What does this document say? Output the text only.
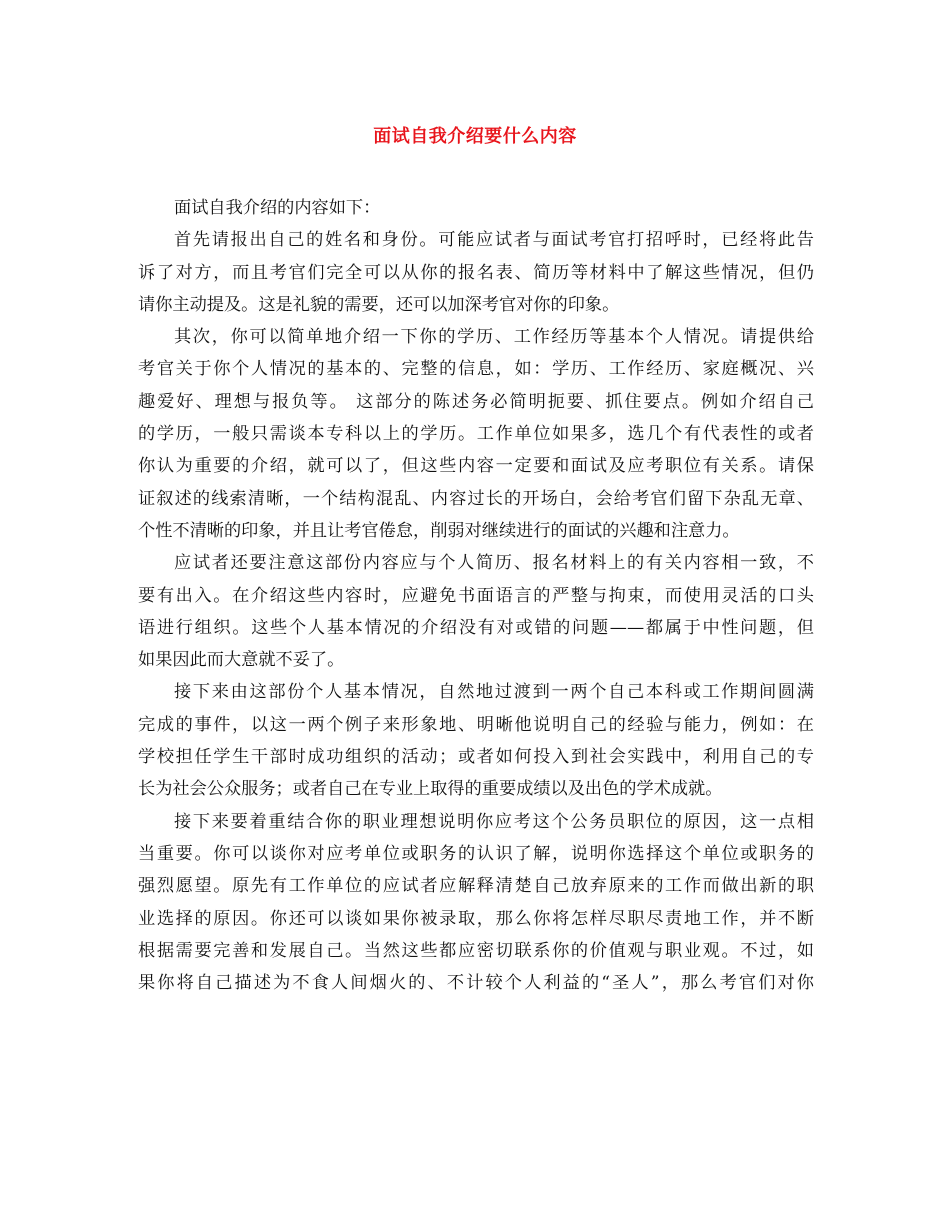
面试自我介绍要什么内容
面试自我介绍的内容如下：
首先请报出自己的姓名和身份。可能应试者与面试考官打招呼时，已经将此告
诉了对方，而且考官们完全可以从你的报名表、简历等材料中了解这些情况，但仍
请你主动提及。这是礼貌的需要，还可以加深考官对你的印象。
其次，你可以简单地介绍一下你的学历、工作经历等基本个人情况。请提供给
考官关于你个人情况的基本的、完整的信息，如：学历、工作经历、家庭概况、兴
趣爱好、理想与报负等。 这部分的陈述务必简明扼要、抓住要点。例如介绍自己
的学历，一般只需谈本专科以上的学历。工作单位如果多，选几个有代表性的或者
你认为重要的介绍，就可以了，但这些内容一定要和面试及应考职位有关系。请保
证叙述的线索清晰，一个结构混乱、内容过长的开场白，会给考官们留下杂乱无章、
个性不清晰的印象，并且让考官倦怠，削弱对继续进行的面试的兴趣和注意力。
应试者还要注意这部份内容应与个人简历、报名材料上的有关内容相一致，不
要有出入。在介绍这些内容时，应避免书面语言的严整与拘束，而使用灵活的口头
语进行组织。这些个人基本情况的介绍没有对或错的问题——都属于中性问题，但
如果因此而大意就不妥了。
接下来由这部份个人基本情况，自然地过渡到一两个自己本科或工作期间圆满
完成的事件，以这一两个例子来形象地、明晰他说明自己的经验与能力，例如：在
学校担任学生干部时成功组织的活动；或者如何投入到社会实践中，利用自己的专
长为社会公众服务；或者自己在专业上取得的重要成绩以及出色的学术成就。
接下来要着重结合你的职业理想说明你应考这个公务员职位的原因，这一点相
当重要。你可以谈你对应考单位或职务的认识了解，说明你选择这个单位或职务的
强烈愿望。原先有工作单位的应试者应解释清楚自己放弃原来的工作而做出新的职
业选择的原因。你还可以谈如果你被录取，那么你将怎样尽职尽责地工作，并不断
根据需要完善和发展自己。当然这些都应密切联系你的价值观与职业观。不过，如
果你将自己描述为不食人间烟火的、不计较个人利益的“圣人”，那么考官们对你
